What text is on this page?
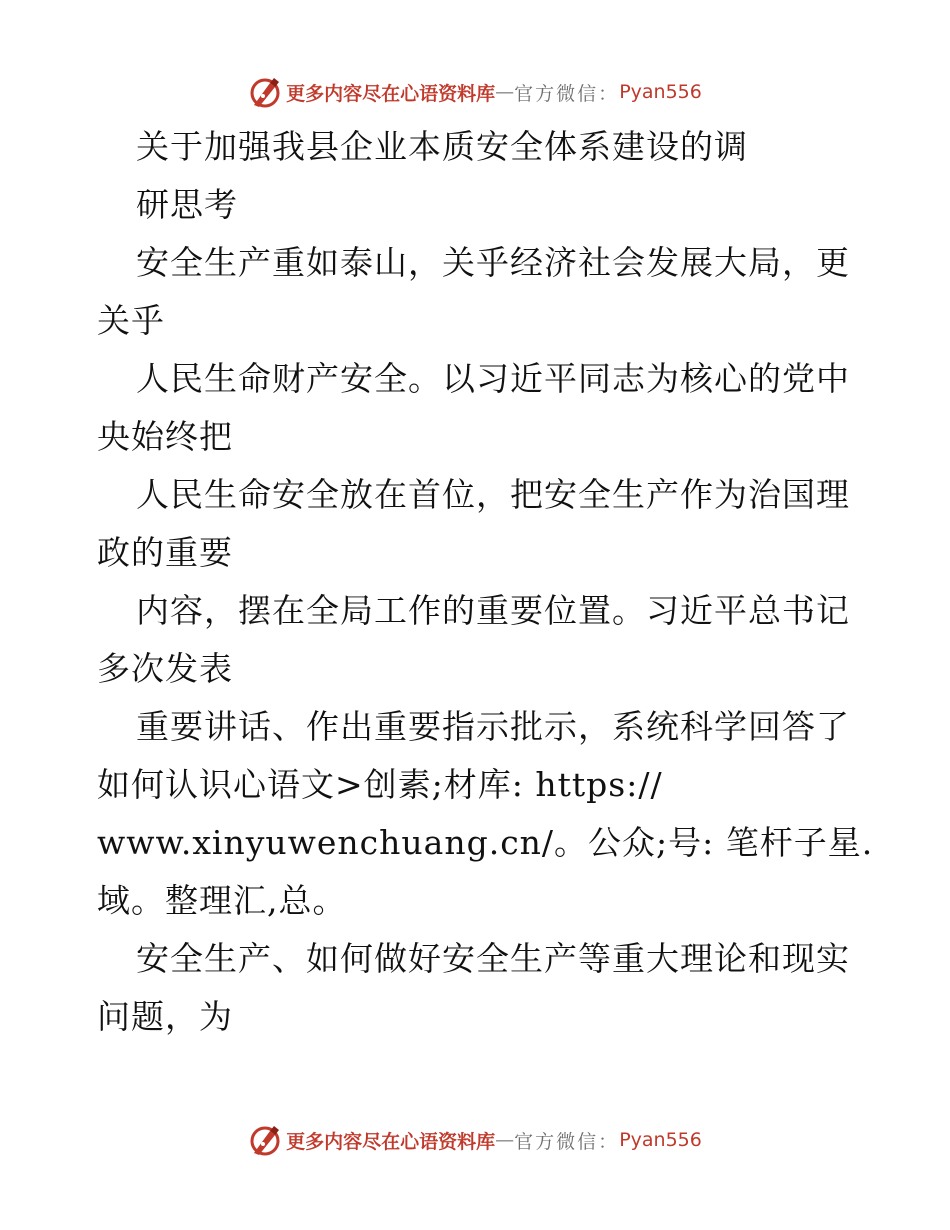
更多内容尽在心语资料库 — 官方微信： Pyan556
关于加强我县企业本质安全体系建设的调
研思考
安全生产重如泰山，关乎经济社会发展大局，更
关乎
人民生命财产安全。以习近平同志为核心的党中
央始终把
人民生命安全放在首位，把安全生产作为治国理
政的重要
内容，摆在全局工作的重要位置。习近平总书记
多次发表
重要讲话、作出重要指示批示，系统科学回答了
如何认识心语文>创素;材库: https://
www.xinyuwenchuang.cn/。公众;号: 笔杆子星.
域。整理汇,总。
安全生产、如何做好安全生产等重大理论和现实
问题，为
更多内容尽在心语资料库 — 官方微信： Pyan556
